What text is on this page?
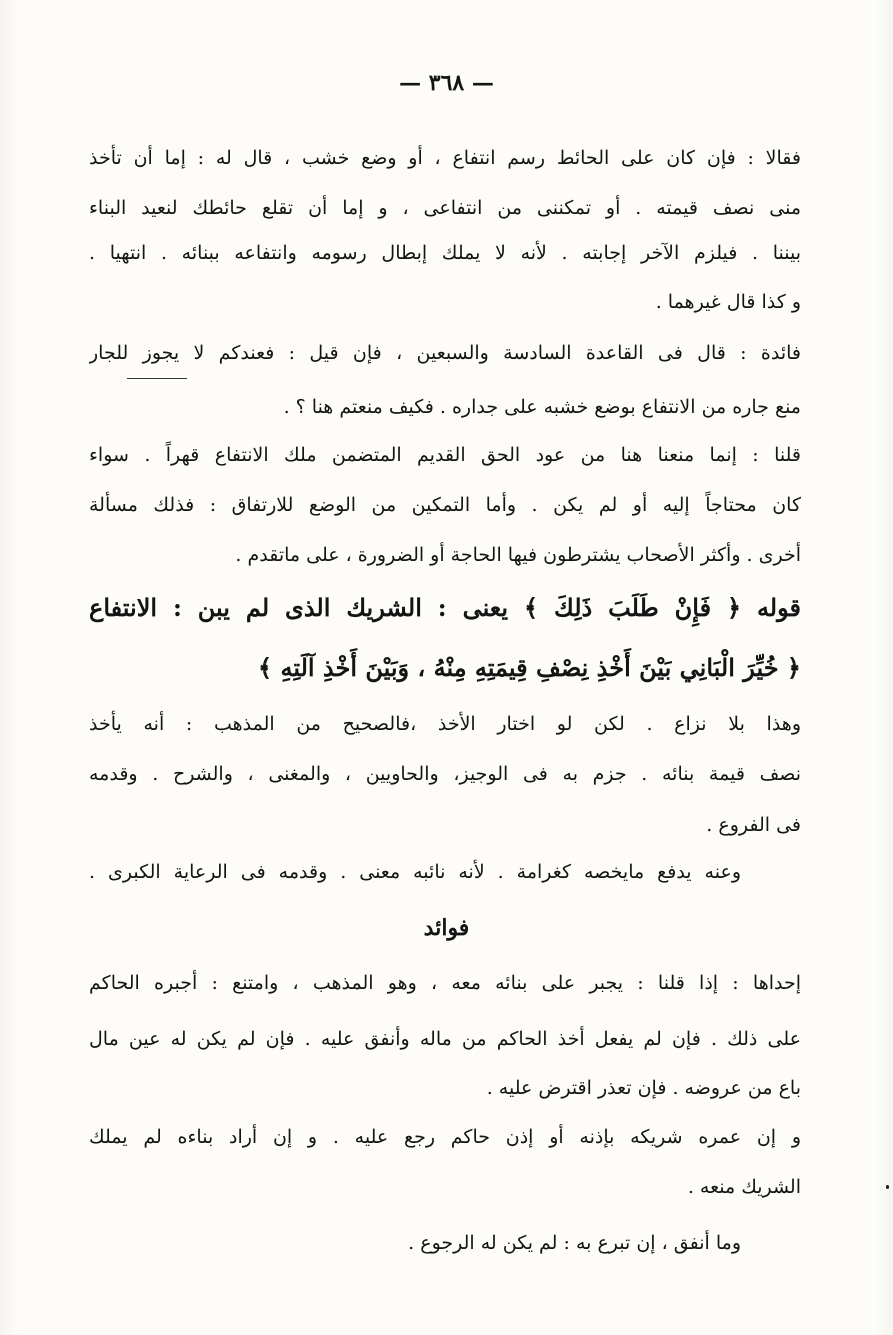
— ٣٦٨ —
فقالا : فإن كان على الحائط رسم انتفاع ، أو وضع خشب ، قال له : إما أن تأخذ
منى نصف قيمته . أو تمكننى من انتفاعى ، و إما أن تقلع حائطك لنعيد البناء
بيننا . فيلزم الآخر إجابته . لأنه لا يملك إبطال رسومه وانتفاعه ببنائه . انتهيا .
و كذا قال غيرهما .
فائدة : قال فى القاعدة السادسة والسبعين ، فإن قيل : فعندكم لا يجوز للجار
منع جاره من الانتفاع بوضع خشبه على جداره . فكيف منعتم هنا ؟ .
قلنا : إنما منعنا هنا من عود الحق القديم المتضمن ملك الانتفاع قهراً . سواء
كان محتاجاً إليه أو لم يكن . وأما التمكين من الوضع للارتفاق : فذلك مسألة
أخرى . وأكثر الأصحاب يشترطون فيها الحاجة أو الضرورة ، على ماتقدم .
قوله ﴿ فَإِنْ طَلَبَ ذَلِكَ ﴾ يعنى : الشريك الذى لم يبن : الانتفاع
﴿ خُيِّرَ الْبَانِي بَيْنَ أَخْذِ نِصْفِ قِيمَتِهِ مِنْهُ ، وَبَيْنَ أَخْذِ آلَتِهِ ﴾
وهذا بلا نزاع . لكن لو اختار الأخذ ،فالصحيح من المذهب : أنه يأخذ
نصف قيمة بنائه . جزم به فى الوجيز، والحاويين ، والمغنى ، والشرح . وقدمه
فى الفروع .
وعنه يدفع مايخصه كغرامة . لأنه نائبه معنى . وقدمه فى الرعاية الكبرى .
فوائد
إحداها : إذا قلنا : يجبر على بنائه معه ، وهو المذهب ، وامتنع : أجبره الحاكم
على ذلك . فإن لم يفعل أخذ الحاكم من ماله وأنفق عليه . فإن لم يكن له عين مال
باع من عروضه . فإن تعذر اقترض عليه .
و إن عمره شريكه بإذنه أو إذن حاكم رجع عليه . و إن أراد بناءه لم يملك
الشريك منعه .
وما أنفق ، إن تبرع به : لم يكن له الرجوع .
